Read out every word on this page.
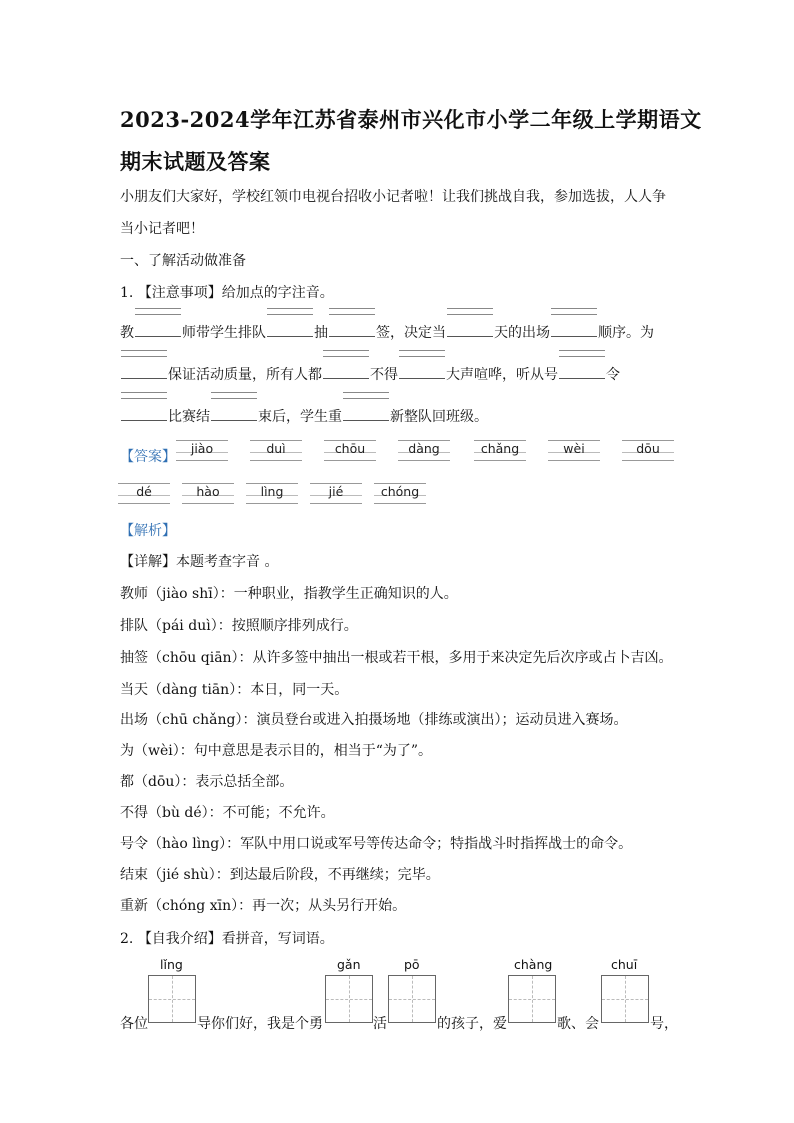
2023-2024学年江苏省泰州市兴化市小学二年级上学期语文
期末试题及答案
小朋友们大家好，学校红领巾电视台招收小记者啦！让我们挑战自我，参加选拔，人人争
当小记者吧！
一、了解活动做准备
1. 【注意事项】给加点的字注音。
教	师带学生排队	抽	签，决定当	天的出场	顺序。为
保证活动质量，所有人都	不得	大声喧哗，听从号	令
比赛结	束后，学生重	新整队回班级。
【答案】
jiào	duì	chōu	dàng	chǎng	wèi	dōu
dé	hào	lìng	jié	chóng
【解析】
【详解】本题考查字音 。
教师（jiào shī）：一种职业，指教学生正确知识的人。
排队（pái duì）：按照顺序排列成行。
抽签（chōu qiān）：从许多签中抽出一根或若干根，多用于来决定先后次序或占卜吉凶。
当天（dàng tiān）：本日，同一天。
出场（chū chǎng）：演员登台或进入拍摄场地（排练或演出）；运动员进入赛场。
为（wèi）：句中意思是表示目的，相当于“为了”。
都（dōu）：表示总括全部。
不得（bù dé）：不可能；不允许。
号令（hào lìng）：军队中用口说或军号等传达命令；特指战斗时指挥战士的命令。
结束（jié shù）：到达最后阶段，不再继续；完毕。
重新（chóng xīn）：再一次；从头另行开始。
2. 【自我介绍】看拼音，写词语。
lǐng	gǎn	pō	chàng	chuī
各位	导你们好，我是个勇	活	的孩子，爱	歌、会	号，
